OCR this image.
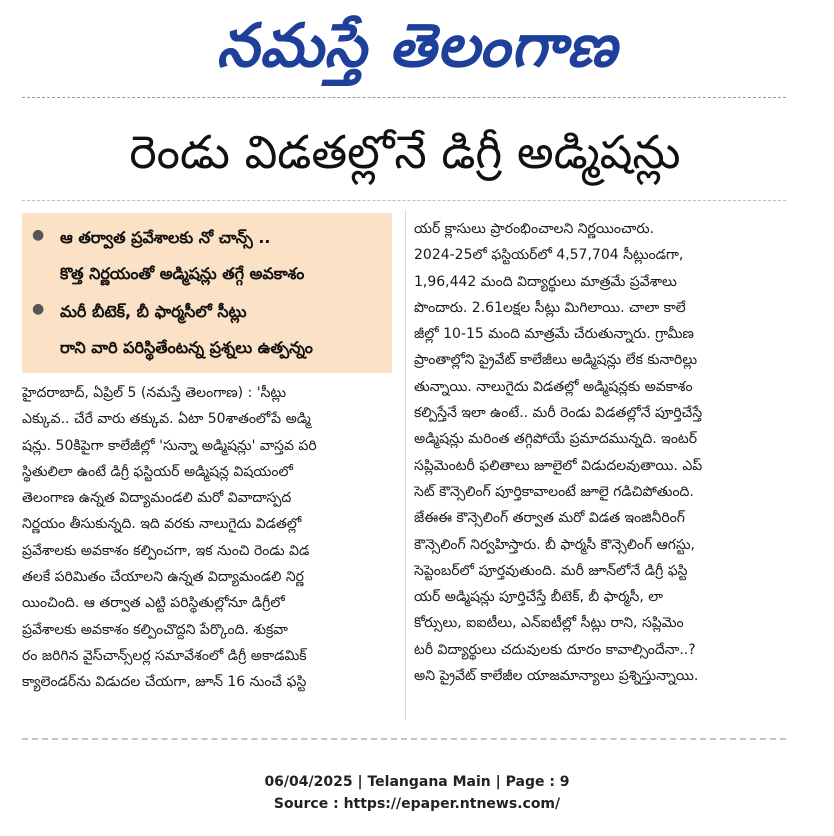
నమస్తే తెలంగాణ
రెండు విడతల్లోనే డిగ్రీ అడ్మిషన్లు
● ఆ తర్వాత ప్రవేశాలకు నో చాన్స్ ..
కొత్త నిర్ణయంతో అడ్మిషన్లు తగ్గే అవకాశం
● మరీ బీటెక్, బీ ఫార్మసీలో సీట్లు
రాని వారి పరిస్థితేంటన్న ప్రశ్నలు ఉత్పన్నం
హైదరాబాద్, ఏప్రిల్ 5 (నమస్తే తెలంగాణ) : 'సీట్లు
ఎక్కువ.. చేరే వారు తక్కువ. ఏటా 50శాతంలోపే అడ్మి
షన్లు. 50కిపైగా కాలేజీల్లో 'సున్నా అడ్మిషన్లు' వాస్తవ పరి
స్థితులిలా ఉంటే డిగ్రీ ఫస్టియర్ అడ్మిషన్ల విషయంలో
తెలంగాణ ఉన్నత విద్యామండలి మరో వివాదాస్పద
నిర్ణయం తీసుకున్నది. ఇది వరకు నాలుగైదు విడతల్లో
ప్రవేశాలకు అవకాశం కల్పించగా, ఇక నుంచి రెండు విడ
తలకే పరిమితం చేయాలని ఉన్నత విద్యామండలి నిర్ణ
యించింది. ఆ తర్వాత ఎట్టి పరిస్థితుల్లోనూ డిగ్రీలో
ప్రవేశాలకు అవకాశం కల్పించొద్దని పేర్కొంది. శుక్రవా
రం జరిగిన వైస్‌చాన్స్‌లర్ల సమావేశంలో డిగ్రీ అకాడమిక్
క్యాలెండర్‌ను విడుదల చేయగా, జూన్ 16 నుంచే ఫస్టి
యర్ క్లాసులు ప్రారంభించాలని నిర్ణయించారు.
2024-25లో ఫస్టియర్‌లో 4,57,704 సీట్లుండగా,
1,96,442 మంది విద్యార్థులు మాత్రమే ప్రవేశాలు
పొందారు. 2.61లక్షల సీట్లు మిగిలాయి. చాలా కాలే
జీల్లో 10-15 మంది మాత్రమే చేరుతున్నారు. గ్రామీణ
ప్రాంతాల్లోని ప్రైవేట్ కాలేజీలు అడ్మిషన్లు లేక కునారిల్లు
తున్నాయి. నాలుగైదు విడతల్లో అడ్మిషన్లకు అవకాశం
కల్పిస్తేనే ఇలా ఉంటే.. మరీ రెండు విడతల్లోనే పూర్తిచేస్తే
అడ్మిషన్లు మరింత తగ్గిపోయే ప్రమాదమున్నది. ఇంటర్
సప్లిమెంటరీ ఫలితాలు జూలైలో విడుదలవుతాయి. ఎప్
సెట్ కౌన్సెలింగ్ పూర్తికావాలంటే జూలై గడిచిపోతుంది.
జేఈఈ కౌన్సెలింగ్ తర్వాత మరో విడత ఇంజినీరింగ్
కౌన్సెలింగ్ నిర్వహిస్తారు. బీ ఫార్మసీ కౌన్సెలింగ్ ఆగస్టు,
సెప్టెంబర్‌లో పూర్తవుతుంది. మరీ జూన్‌లోనే డిగ్రీ ఫస్టి
యర్ అడ్మిషన్లు పూర్తిచేస్తే బీటెక్, బీ ఫార్మసీ, లా
కోర్సులు, ఐఐటీలు, ఎన్ఐటీల్లో సీట్లు రాని, సప్లిమెం
టరీ విద్యార్థులు చదువులకు దూరం కావాల్సిందేనా..?
అని ప్రైవేట్ కాలేజీల యాజమాన్యాలు ప్రశ్నిస్తున్నాయి.
06/04/2025 | Telangana Main | Page : 9
Source : https://epaper.ntnews.com/
